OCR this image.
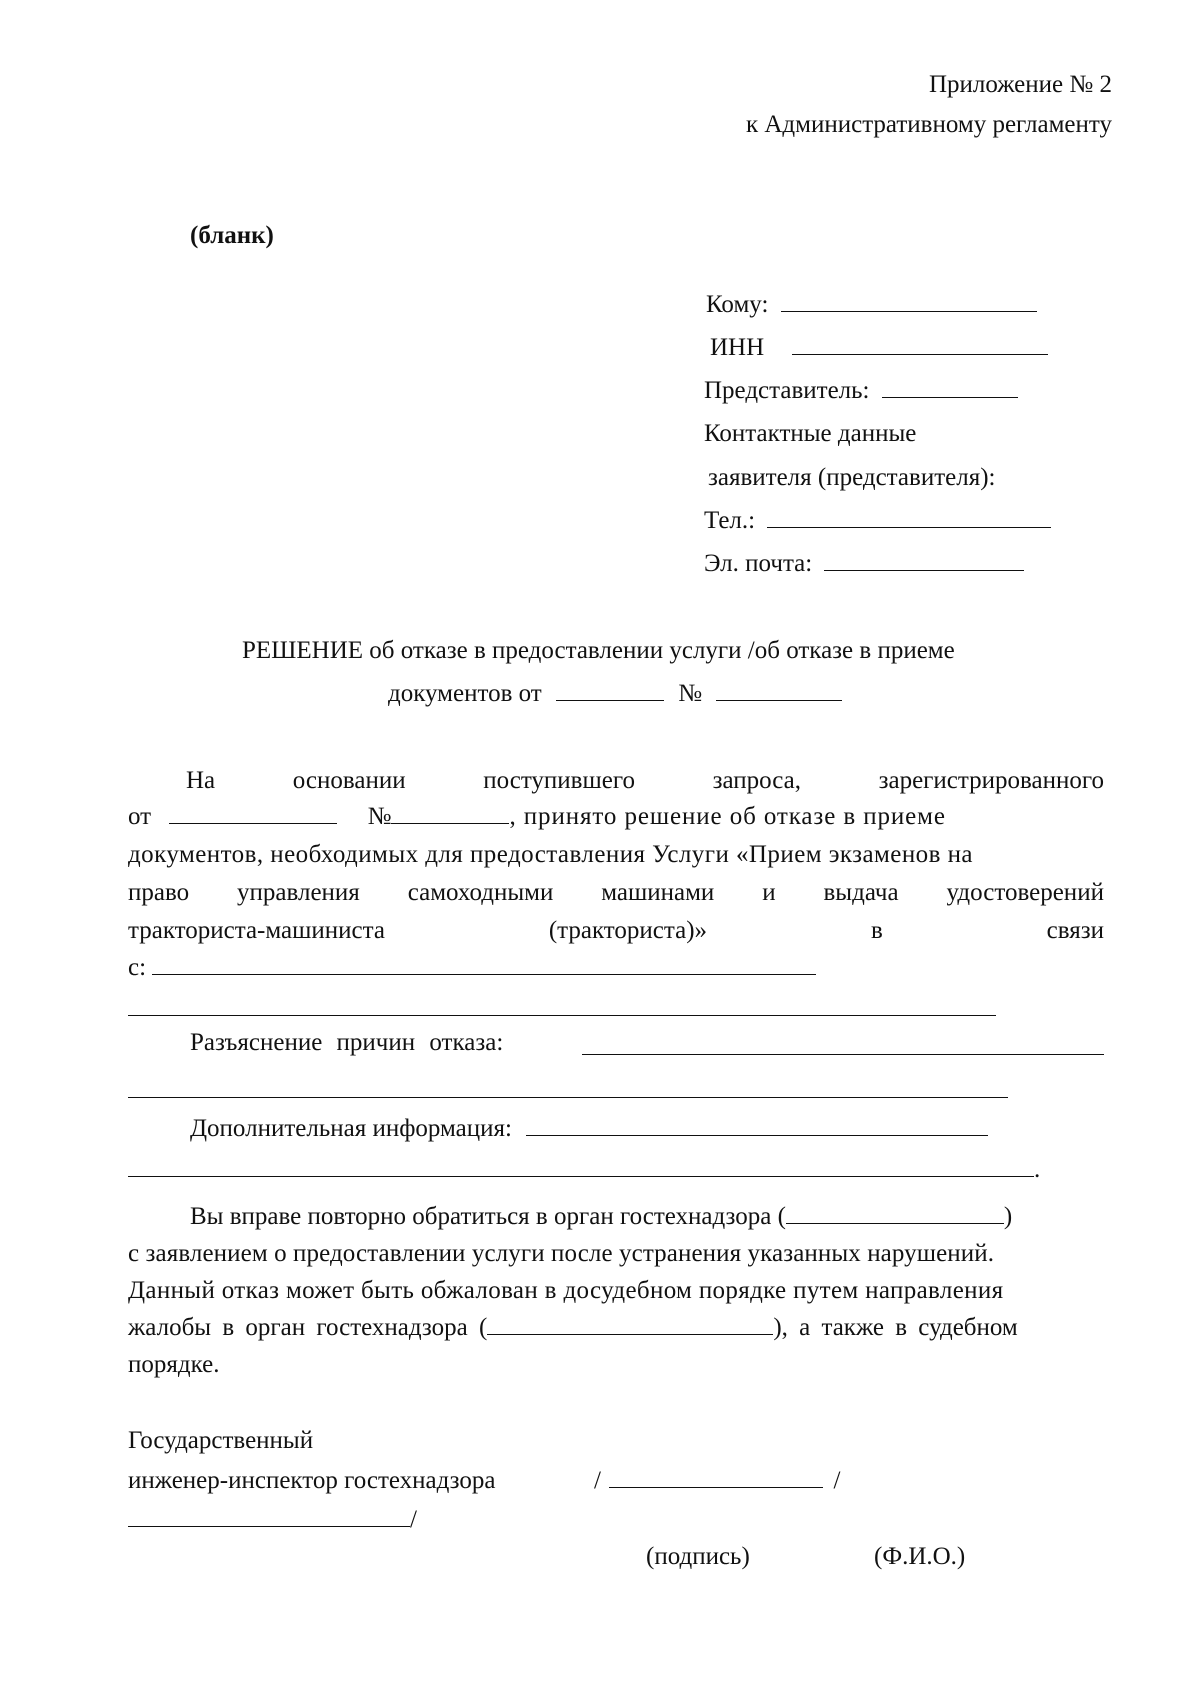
Приложение № 2
к Административному регламенту
(бланк)
Кому:
ИНН
Представитель:
Контактные данные
заявителя (представителя):
Тел.:
Эл. почта:
РЕШЕНИЕ об отказе в предоставлении услуги /об отказе в приеме
документов от	№
На	основании	поступившего	запроса,	зарегистрированного
от	№	, принято решение об отказе в приеме
документов, необходимых для предоставления Услуги «Прием экзаменов на
право управления самоходными машинами и выдача удостоверений
тракториста-машиниста	(тракториста)»	в	связи
с:
Разъяснение причин отказа:
Дополнительная информация:
.
Вы вправе повторно обратиться в орган гостехнадзора (	)
с заявлением о предоставлении услуги после устранения указанных нарушений.
Данный отказ может быть обжалован в досудебном порядке путем направления
жалобы в орган гостехнадзора (	), а также в судебном
порядке.
Государственный
инженер-инспектор гостехнадзора	/	/
/
(подпись)	(Ф.И.О.)
